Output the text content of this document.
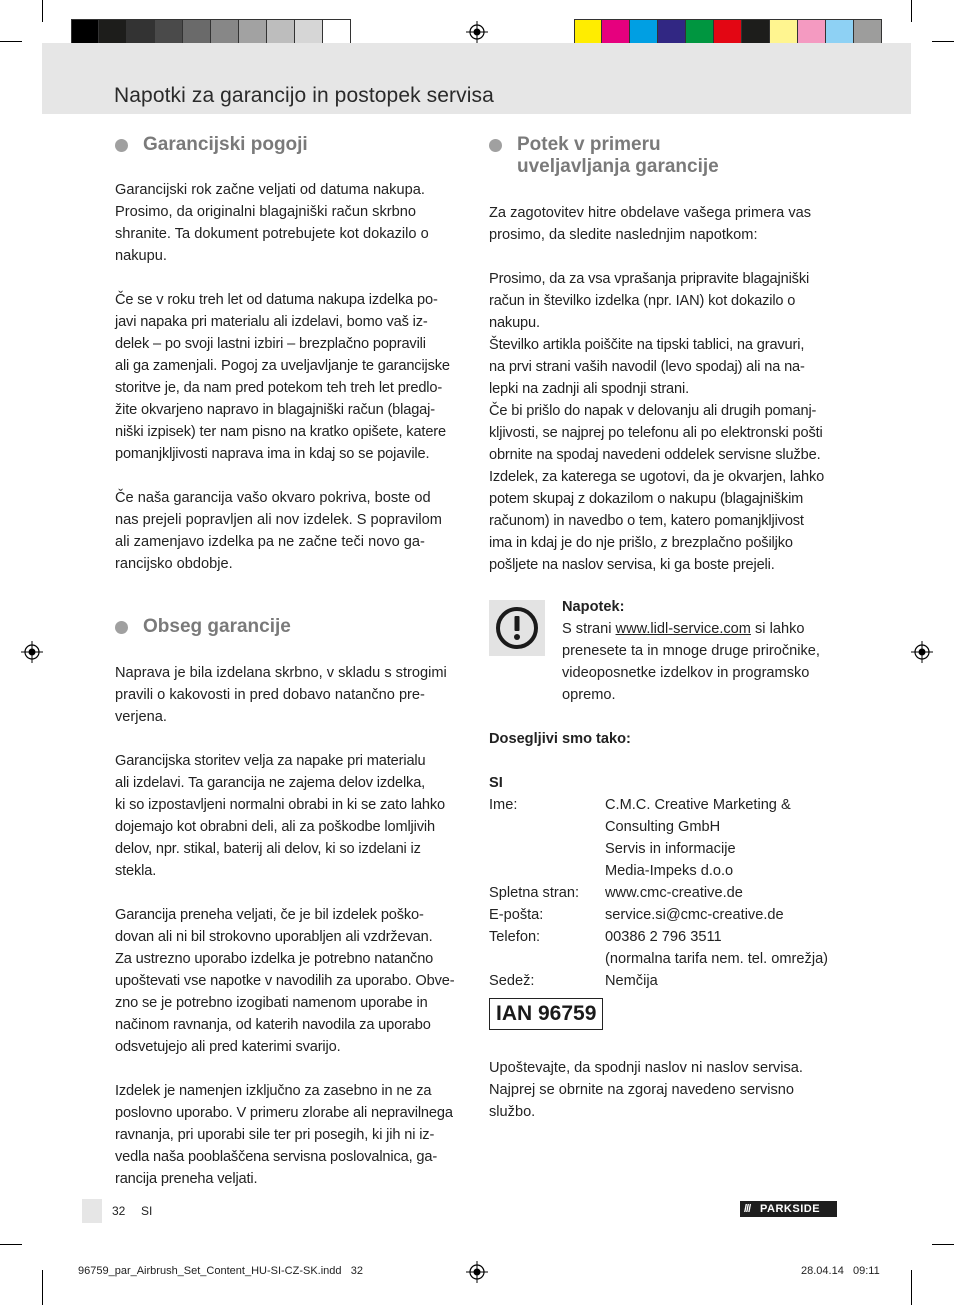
Napotki za garancijo in postopek servisa
Garancijski pogoji

Garancijski rok začne veljati od datuma nakupa.
Prosimo, da originalni blagajniški račun skrbno
shranite. Ta dokument potrebujete kot dokazilo o
nakupu.

Če se v roku treh let od datuma nakupa izdelka po-
javi napaka pri materialu ali izdelavi, bomo vaš iz-
delek – po svoji lastni izbiri – brezplačno popravili
ali ga zamenjali. Pogoj za uveljavljanje te garancijske
storitve je, da nam pred potekom teh treh let predlo-
žite okvarjeno napravo in blagajniški račun (blagaj-
niški izpisek) ter nam pisno na kratko opišete, katere
pomanjkljivosti naprava ima in kdaj so se pojavile.

Če naša garancija vašo okvaro pokriva, boste od
nas prejeli popravljen ali nov izdelek. S popravilom
ali zamenjavo izdelka pa ne začne teči novo ga-
rancijsko obdobje.

Obseg garancije

Naprava je bila izdelana skrbno, v skladu s strogimi
pravili o kakovosti in pred dobavo natančno pre-
verjena.

Garancijska storitev velja za napake pri materialu
ali izdelavi. Ta garancija ne zajema delov izdelka,
ki so izpostavljeni normalni obrabi in ki se zato lahko
dojemajo kot obrabni deli, ali za poškodbe lomljivih
delov, npr. stikal, baterij ali delov, ki so izdelani iz
stekla.

Garancija preneha veljati, če je bil izdelek poško-
dovan ali ni bil strokovno uporabljen ali vzdrževan.
Za ustrezno uporabo izdelka je potrebno natančno
upoštevati vse napotke v navodilih za uporabo. Obve-
zno se je potrebno izogibati namenom uporabe in
načinom ravnanja, od katerih navodila za uporabo
odsvetujejo ali pred katerimi svarijo.

Izdelek je namenjen izključno za zasebno in ne za
poslovno uporabo. V primeru zlorabe ali nepravilnega
ravnanja, pri uporabi sile ter pri posegih, ki jih ni iz-
vedla naša pooblaščena servisna poslovalnica, ga-
rancija preneha veljati.

Potek v primeru
uveljavljanja garancije

Za zagotovitev hitre obdelave vašega primera vas
prosimo, da sledite naslednjim napotkom:

Prosimo, da za vsa vprašanja pripravite blagajniški
račun in številko izdelka (npr. IAN) kot dokazilo o
nakupu.
Številko artikla poiščite na tipski tablici, na gravuri,
na prvi strani vaših navodil (levo spodaj) ali na na-
lepki na zadnji ali spodnji strani.
Če bi prišlo do napak v delovanju ali drugih pomanj-
kljivosti, se najprej po telefonu ali po elektronski pošti
obrnite na spodaj navedeni oddelek servisne službe.
Izdelek, za katerega se ugotovi, da je okvarjen, lahko
potem skupaj z dokazilom o nakupu (blagajniškim
računom) in navedbo o tem, katero pomanjkljivost
ima in kdaj je do nje prišlo, z brezplačno pošiljko
pošljete na naslov servisa, ki ga boste prejeli.

Napotek:
S strani www.lidl-service.com si lahko

prenesete ta in mnoge druge priročnike,
videoposnetke izdelkov in programsko
opremo.

Dosegljivi smo tako:
SI
Ime:	C.M.C. Creative Marketing &
Consulting GmbH
Servis in informacije
Media-Impeks d.o.o
Spletna stran: www.cmc-creative.de
E-pošta:	service.si@cmc-creative.de
Telefon:	00386 2 796 3511
(normalna tarifa nem. tel. omrežja)
Sedež:	Nemčija
IAN 96759

Upoštevajte, da spodnji naslov ni naslov servisa.
Najprej se obrnite na zgoraj navedeno servisno
službo.

32 SI	/// PARKSIDE
96759_par_Airbrush_Set_Content_HU-SI-CZ-SK.indd   32	28.04.14   09:11
